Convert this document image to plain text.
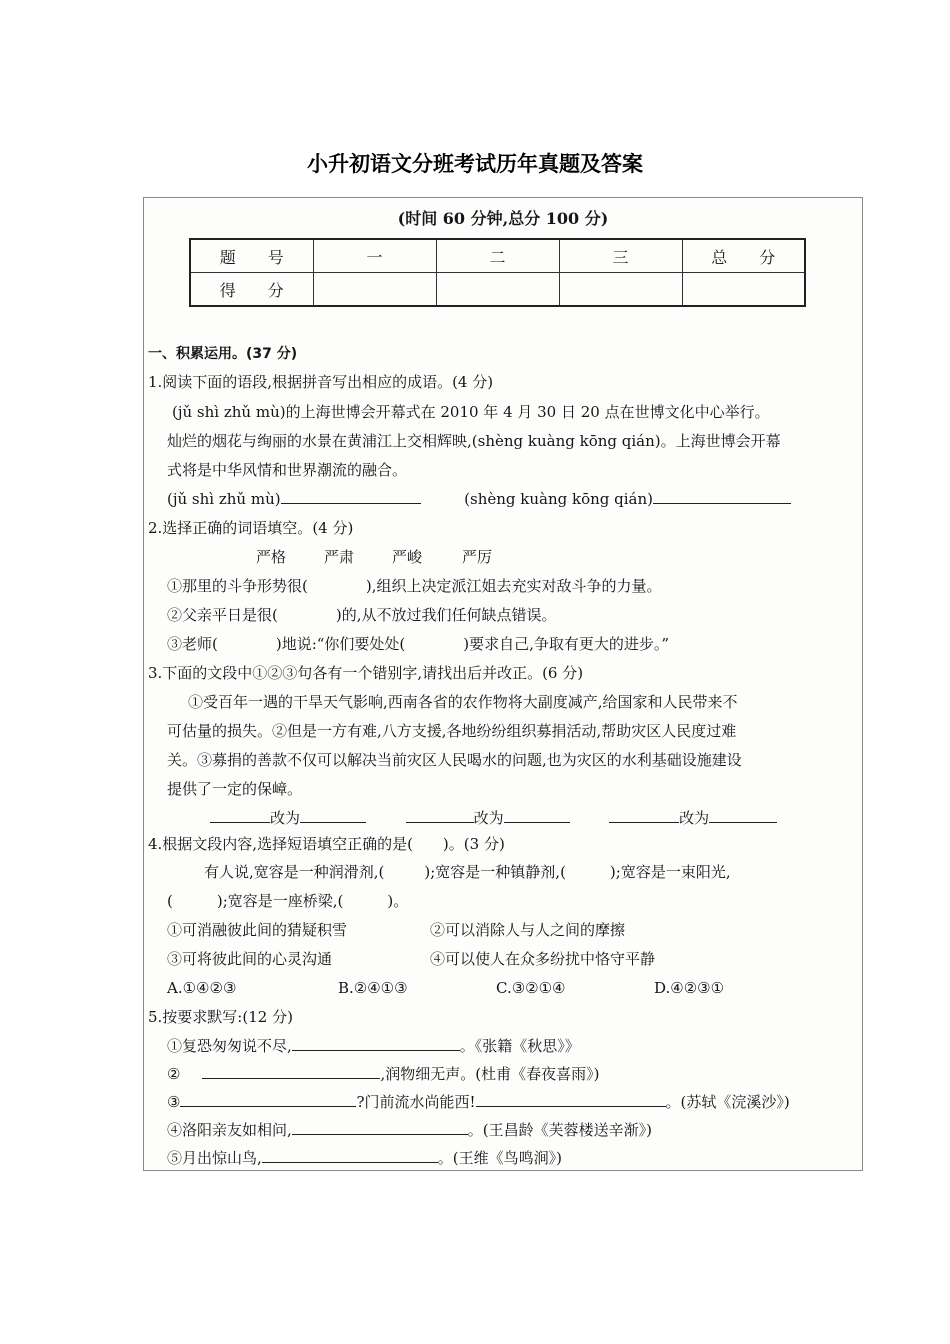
小升初语文分班考试历年真题及答案
(时间 60 分钟,总分 100 分)
题　　号	一	二	三	总　　分
得　　分				
一、积累运用。(37 分)
1.阅读下面的语段,根据拼音写出相应的成语。(4 分)
(jǔ shì zhǔ mù)的上海世博会开幕式在 2010 年 4 月 30 日 20 点在世博文化中心举行。
灿烂的烟花与绚丽的水景在黄浦江上交相辉映,(shèng kuàng kōng qián)。上海世博会开幕
式将是中华风情和世界潮流的融合。
(jǔ shì zhǔ mù)	(shèng kuàng kōng qián)
2.选择正确的词语填空。(4 分)
严格	严肃	严峻	严厉
①那里的斗争形势很(	),组织上决定派江姐去充实对敌斗争的力量。
②父亲平日是很(	)的,从不放过我们任何缺点错误。
③老师(	)地说:“你们要处处(	)要求自己,争取有更大的进步。”
3.下面的文段中①②③句各有一个错别字,请找出后并改正。(6 分)
①受百年一遇的干旱天气影响,西南各省的农作物将大副度减产,给国家和人民带来不
可估量的损失。②但是一方有难,八方支援,各地纷纷组织募捐活动,帮助灾区人民度过难
关。③募捐的善款不仅可以解决当前灾区人民喝水的问题,也为灾区的水利基础设施建设
提供了一定的保嶂。
改为	改为	改为
4.根据文段内容,选择短语填空正确的是(　　)。(3 分)
有人说,宽容是一种润滑剂,(	);宽容是一种镇静剂,(	);宽容是一束阳光,
(	);宽容是一座桥梁,(	)。
①可消融彼此间的猜疑积雪	②可以消除人与人之间的摩擦
③可将彼此间的心灵沟通	④可以使人在众多纷扰中恪守平静
A.①④②③	B.②④①③	C.③②①④	D.④②③①
5.按要求默写:(12 分)
①复恐匆匆说不尽,	。《张籍《秋思》》
②	,润物细无声。(杜甫《春夜喜雨》)
③	?门前流水尚能西!	。(苏轼《浣溪沙》)
④洛阳亲友如相问,	。(王昌龄《芙蓉楼送辛渐》)
⑤月出惊山鸟,	。(王维《鸟鸣涧》)
